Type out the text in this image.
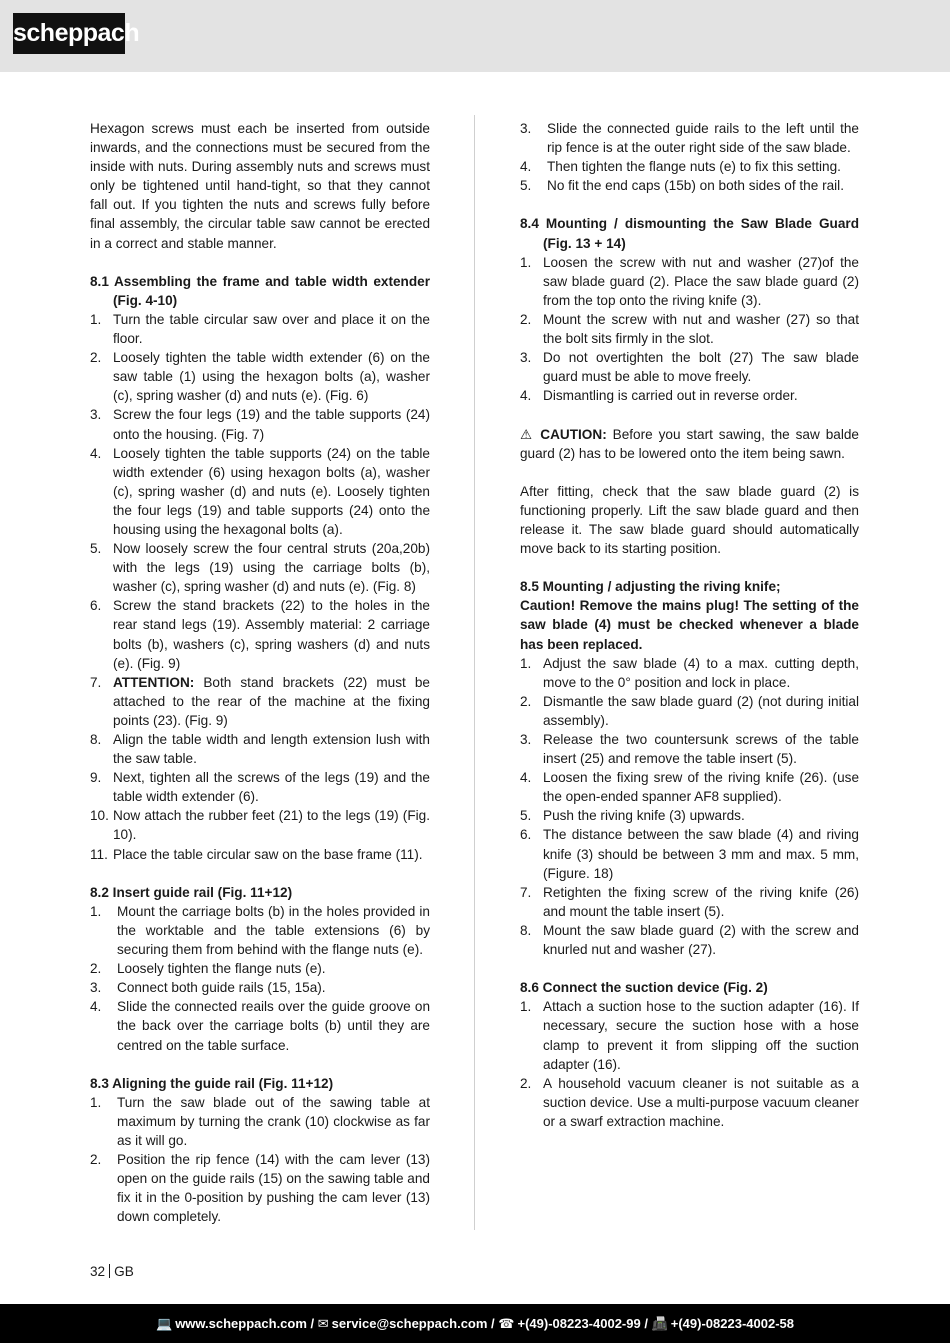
scheppach

Hexagon screws must each be inserted from outside inwards, and the connections must be secured from the inside with nuts. During assembly nuts and screws must only be tightened until hand-tight, so that they cannot fall out. If you tighten the nuts and screws fully before final assembly, the circular table saw cannot be erected in a correct and stable manner.

8.1 Assembling the frame and table width extender (Fig. 4-10)

1. Turn the table circular saw over and place it on the floor.
2. Loosely tighten the table width extender (6) on the saw table (1) using the hexagon bolts (a), washer (c), spring washer (d) and nuts (e). (Fig. 6)
3. Screw the four legs (19) and the table supports (24) onto the housing. (Fig. 7)
4. Loosely tighten the table supports (24) on the table width extender (6) using hexagon bolts (a), washer (c), spring washer (d) and nuts (e). Loosely tighten the four legs (19) and table supports (24) onto the housing using the hexagonal bolts (a).
5. Now loosely screw the four central struts (20a,20b) with the legs (19) using the carriage bolts (b), washer (c), spring washer (d) and nuts (e). (Fig. 8)
6. Screw the stand brackets (22) to the holes in the rear stand legs (19). Assembly material: 2 carriage bolts (b), washers (c), spring washers (d) and nuts (e). (Fig. 9)
7. ATTENTION: Both stand brackets (22) must be attached to the rear of the machine at the fixing points (23). (Fig. 9)
8. Align the table width and length extension lush with the saw table.
9. Next, tighten all the screws of the legs (19) and the table width extender (6).
10. Now attach the rubber feet (21) to the legs (19) (Fig. 10).
11. Place the table circular saw on the base frame (11).

8.2 Insert guide rail (Fig. 11+12)

1. Mount the carriage bolts (b) in the holes provided in the worktable and the table extensions (6) by securing them from behind with the flange nuts (e).
2. Loosely tighten the flange nuts (e).
3. Connect both guide rails (15, 15a).
4. Slide the connected reails over the guide groove on the back over the carriage bolts (b) until they are centred on the table surface.

8.3 Aligning the guide rail (Fig. 11+12)

1. Turn the saw blade out of the sawing table at maximum by turning the crank (10) clockwise as far as it will go.
2. Position the rip fence (14) with the cam lever (13) open on the guide rails (15) on the sawing table and fix it in the 0-position by pushing the cam lever (13) down completely.
3. Slide the connected guide rails to the left until the rip fence is at the outer right side of the saw blade.
4. Then tighten the flange nuts (e) to fix this setting.
5. No fit the end caps (15b) on both sides of the rail.

8.4 Mounting / dismounting the Saw Blade Guard (Fig. 13 + 14)

1. Loosen the screw with nut and washer (27)of the saw blade guard (2). Place the saw blade guard (2) from the top onto the riving knife (3).
2. Mount the screw with nut and washer (27) so that the bolt sits firmly in the slot.
3. Do not overtighten the bolt (27) The saw blade guard must be able to move freely.
4. Dismantling is carried out in reverse order.

⚠ CAUTION: Before you start sawing, the saw balde guard (2) has to be lowered onto the item being sawn.

After fitting, check that the saw blade guard (2) is functioning properly. Lift the saw blade guard and then release it. The saw blade guard should automatically move back to its starting position.

8.5 Mounting / adjusting the riving knife;

Caution! Remove the mains plug! The setting of the saw blade (4) must be checked whenever a blade has been replaced.

1. Adjust the saw blade (4) to a max. cutting depth, move to the 0° position and lock in place.
2. Dismantle the saw blade guard (2) (not during initial assembly).
3. Release the two countersunk screws of the table insert (25) and remove the table insert (5).
4. Loosen the fixing srew of the riving knife (26). (use the open-ended spanner AF8 supplied).
5. Push the riving knife (3) upwards.
6. The distance between the saw blade (4) and riving knife (3) should be between 3 mm and max. 5 mm, (Figure. 18)
7. Retighten the fixing screw of the riving knife (26) and mount the table insert (5).
8. Mount the saw blade guard (2) with the screw and knurled nut and washer (27).

8.6 Connect the suction device (Fig. 2)

1. Attach a suction hose to the suction adapter (16). If necessary, secure the suction hose with a hose clamp to prevent it from slipping off the suction adapter (16).
2. A household vacuum cleaner is not suitable as a suction device. Use a multi-purpose vacuum cleaner or a swarf extraction machine.
32 GB
💻 www.scheppach.com / ✉ service@scheppach.com / ☎ +(49)-08223-4002-99 / 📠 +(49)-08223-4002-58
